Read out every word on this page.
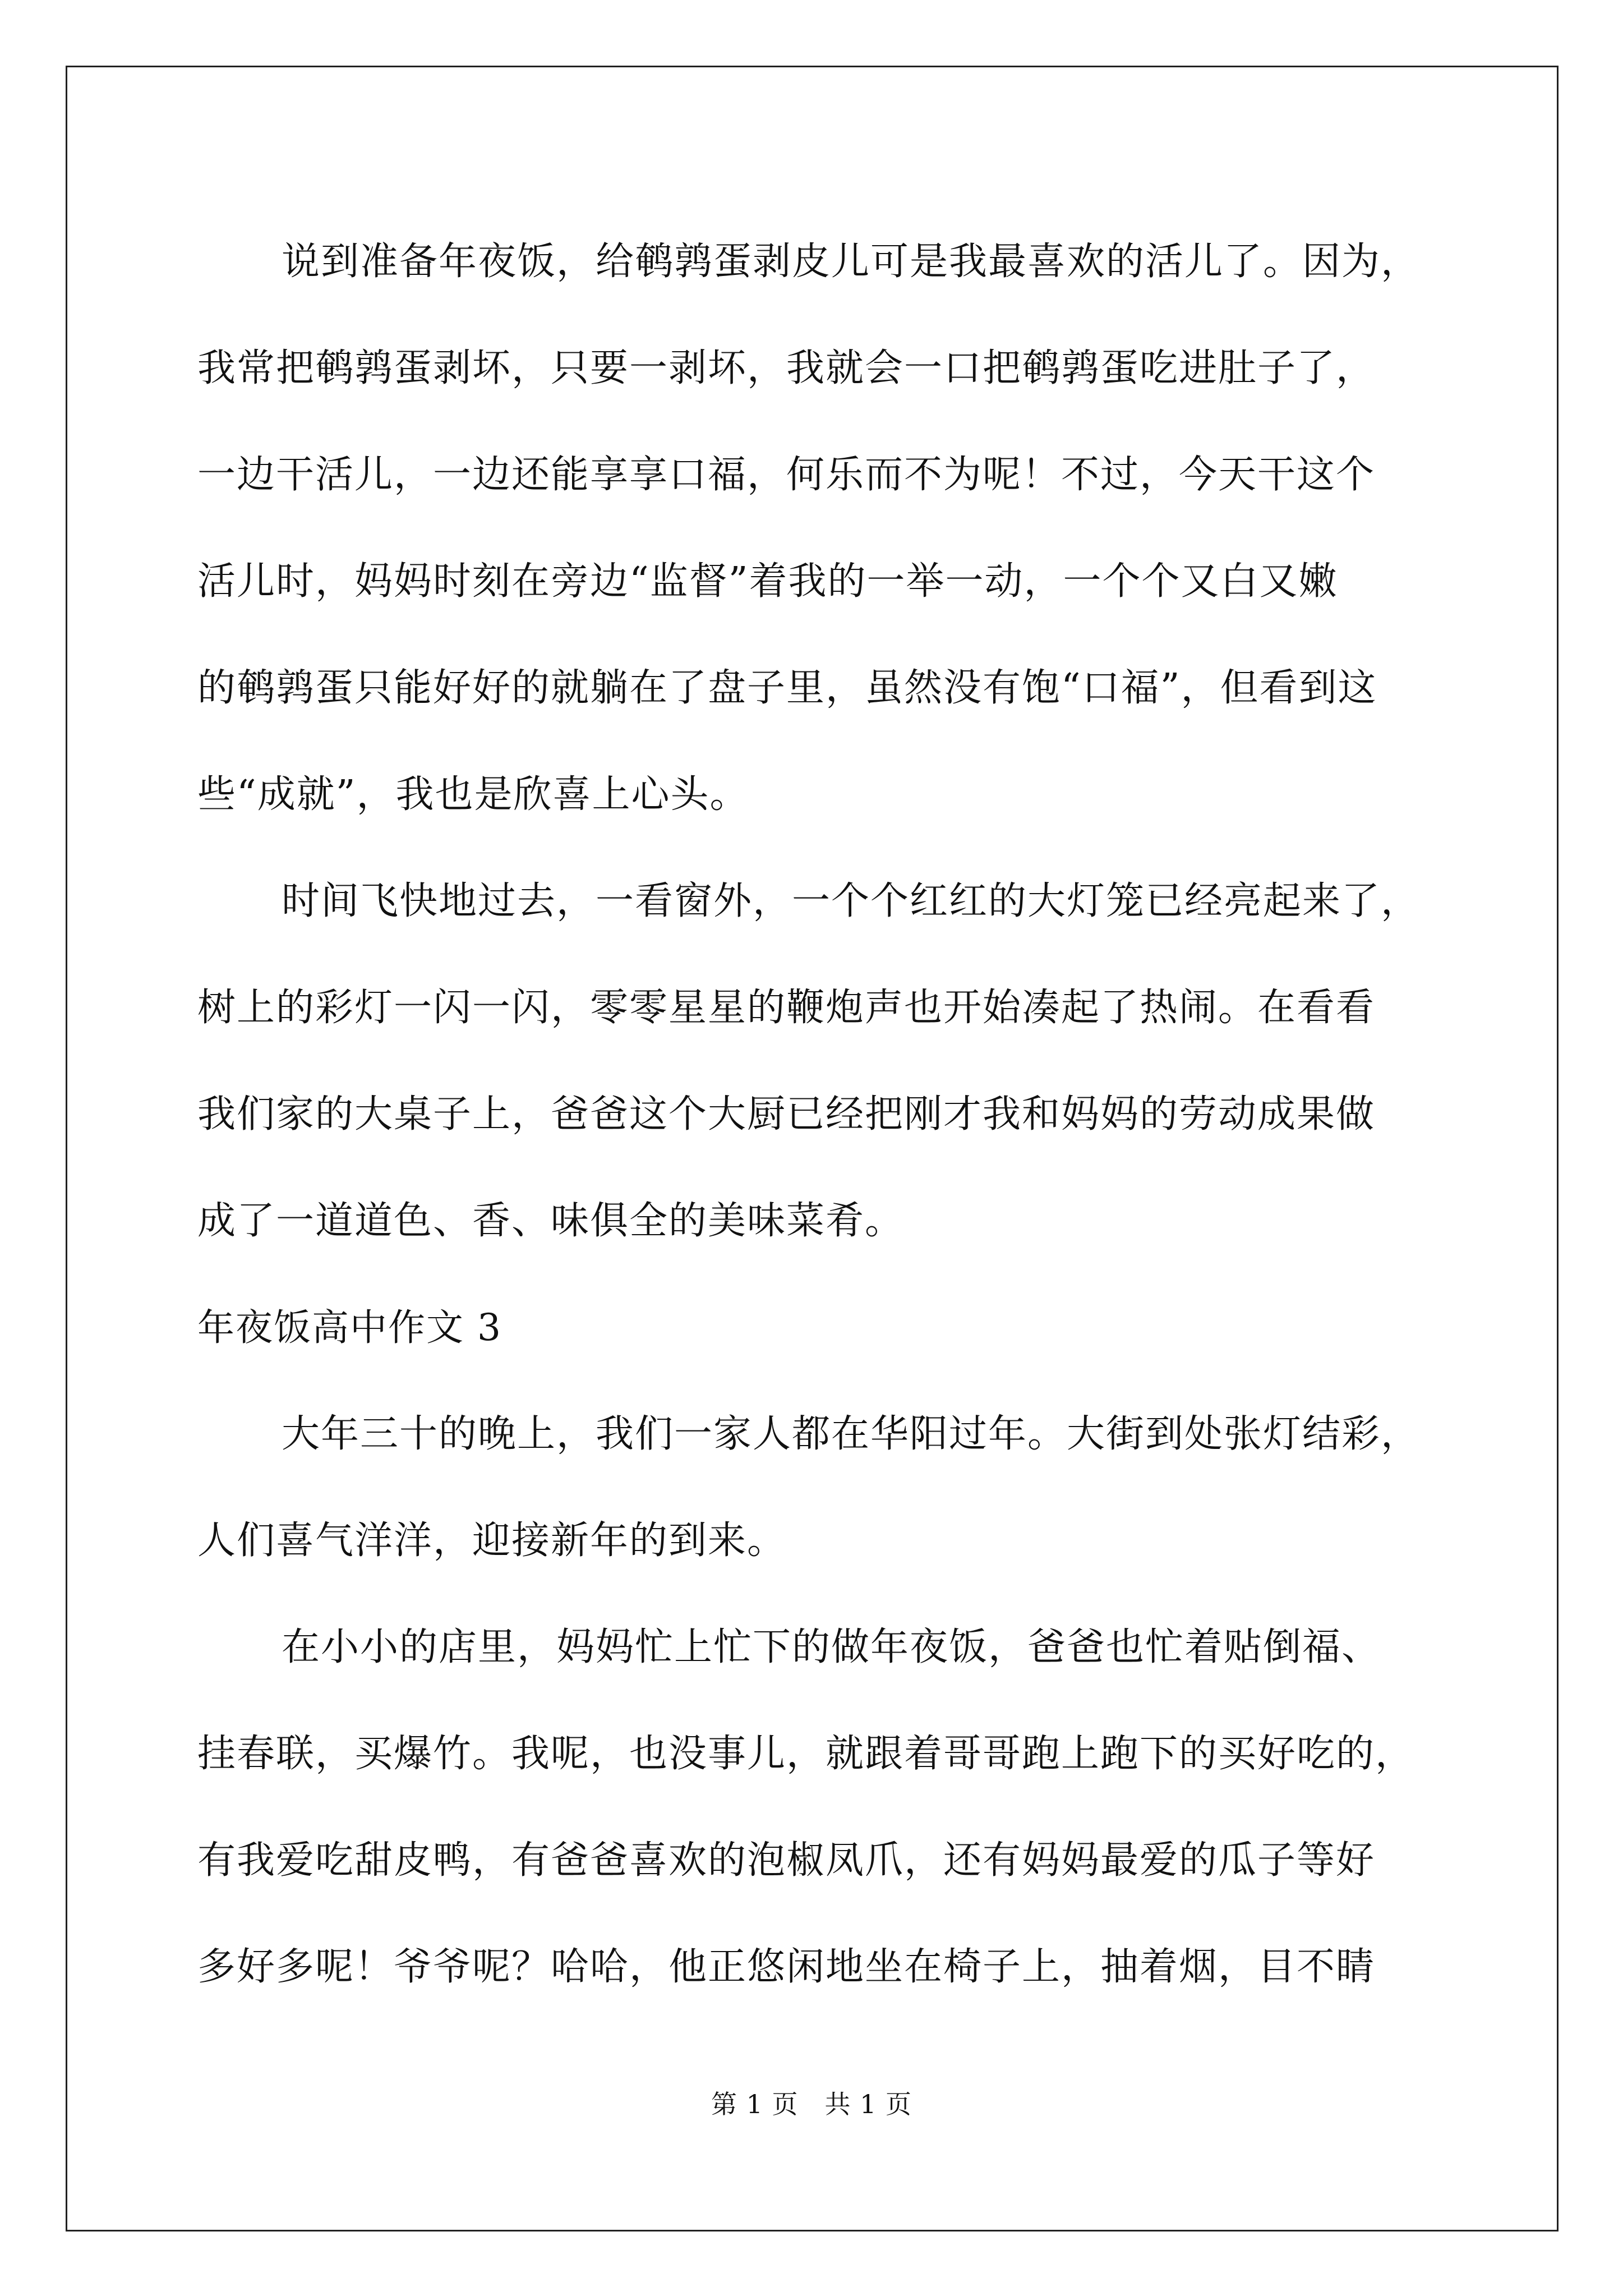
说到准备年夜饭，给鹌鹑蛋剥皮儿可是我最喜欢的活儿了。因为，
我常把鹌鹑蛋剥坏，只要一剥坏，我就会一口把鹌鹑蛋吃进肚子了，
一边干活儿，一边还能享享口福，何乐而不为呢！不过，今天干这个
活儿时，妈妈时刻在旁边“监督”着我的一举一动，一个个又白又嫩
的鹌鹑蛋只能好好的就躺在了盘子里，虽然没有饱“口福”，但看到这
些“成就”，我也是欣喜上心头。
时间飞快地过去，一看窗外，一个个红红的大灯笼已经亮起来了，
树上的彩灯一闪一闪，零零星星的鞭炮声也开始凑起了热闹。在看看
我们家的大桌子上，爸爸这个大厨已经把刚才我和妈妈的劳动成果做
成了一道道色、香、味俱全的美味菜肴。
年夜饭高中作文 3
大年三十的晚上，我们一家人都在华阳过年。大街到处张灯结彩，
人们喜气洋洋，迎接新年的到来。
在小小的店里，妈妈忙上忙下的做年夜饭，爸爸也忙着贴倒福、
挂春联，买爆竹。我呢，也没事儿，就跟着哥哥跑上跑下的买好吃的，
有我爱吃甜皮鸭，有爸爸喜欢的泡椒凤爪，还有妈妈最爱的瓜子等好
多好多呢！爷爷呢？哈哈，他正悠闲地坐在椅子上，抽着烟，目不睛
第 1 页　共 1 页
